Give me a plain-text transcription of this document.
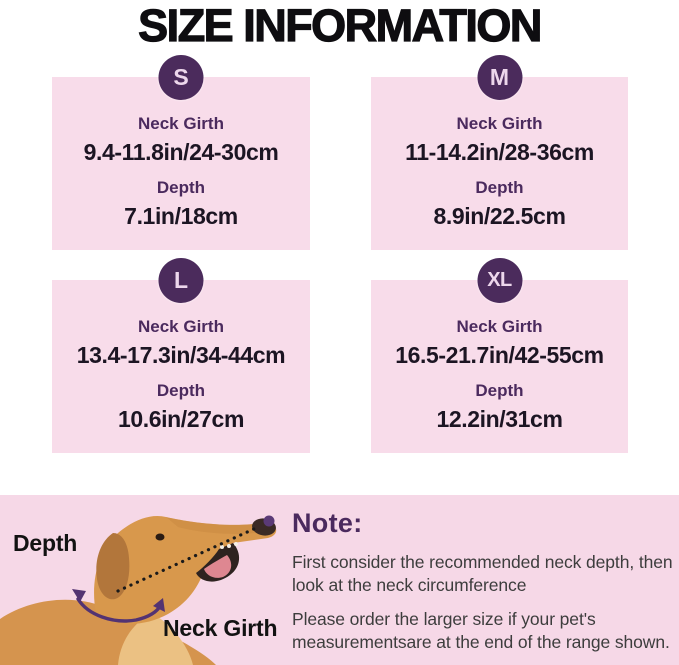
SIZE INFORMATION
S
Neck Girth
9.4-11.8in/24-30cm
Depth
7.1in/18cm
M
Neck Girth
11-14.2in/28-36cm
Depth
8.9in/22.5cm
L
Neck Girth
13.4-17.3in/34-44cm
Depth
10.6in/27cm
XL
Neck Girth
16.5-21.7in/42-55cm
Depth
12.2in/31cm
Depth
Neck Girth
Note:

First consider the recommended neck depth, then look at the neck circumference

Please order the larger size if your pet's measurementsare at the end of the range shown.
